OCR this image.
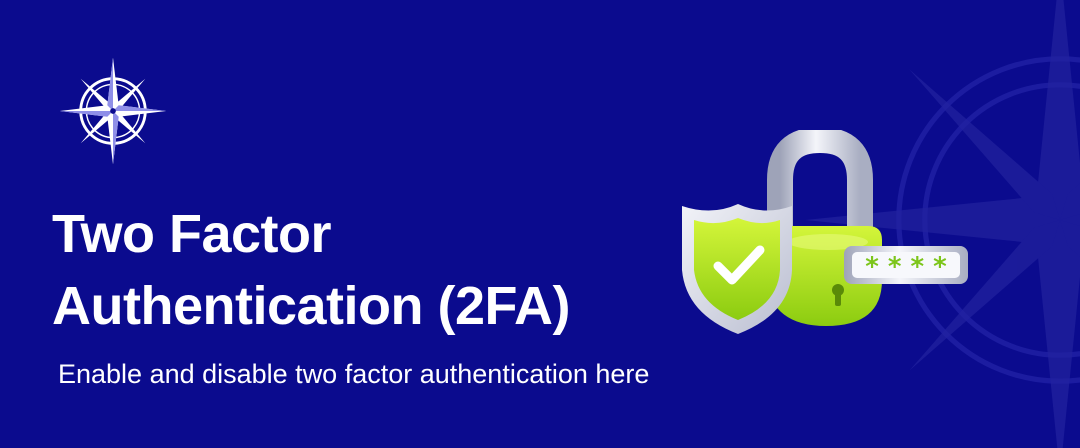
Two Factor
Authentication (2FA)

Enable and disable two factor authentication here

* * * *
